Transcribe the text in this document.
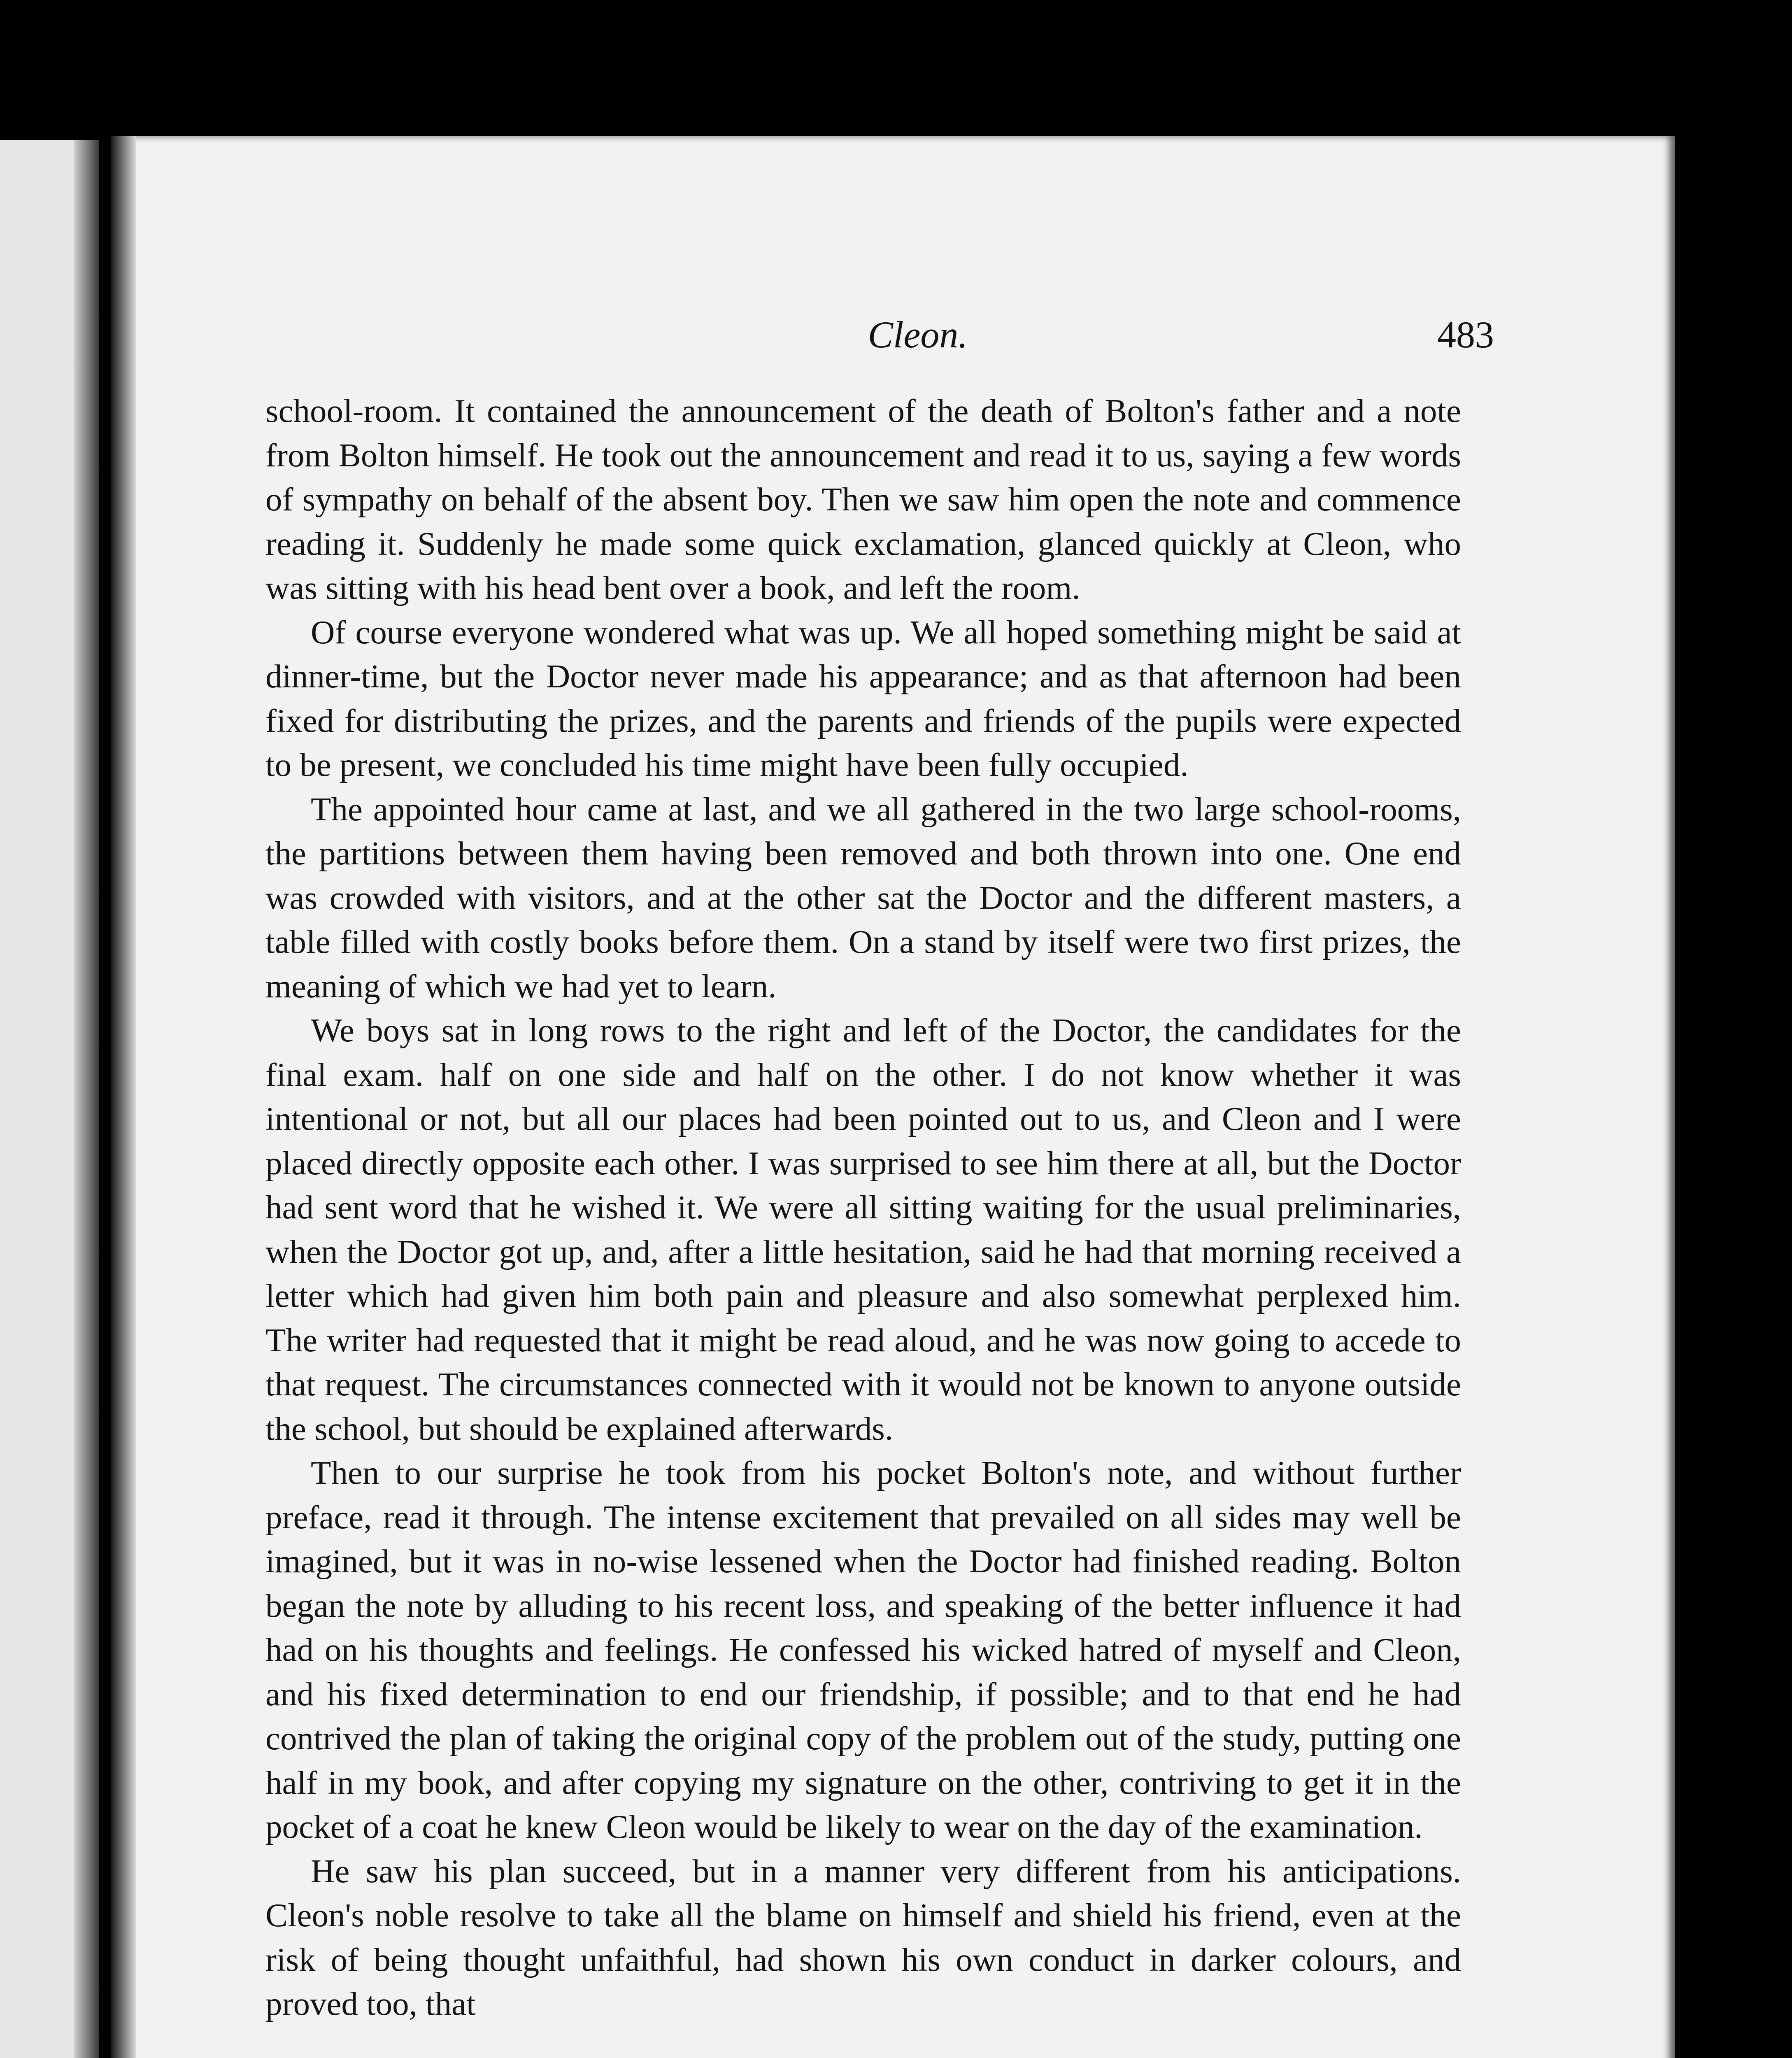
Cleon.	483

school-room. It contained the announcement of the death of Bolton's father and a note from Bolton himself. He took out the announcement and read it to us, saying a few words of sympathy on behalf of the absent boy. Then we saw him open the note and commence reading it. Suddenly he made some quick exclamation, glanced quickly at Cleon, who was sitting with his head bent over a book, and left the room.

Of course everyone wondered what was up. We all hoped something might be said at dinner-time, but the Doctor never made his appearance; and as that afternoon had been fixed for distributing the prizes, and the parents and friends of the pupils were expected to be present, we concluded his time might have been fully occupied.

The appointed hour came at last, and we all gathered in the two large school-rooms, the partitions between them having been removed and both thrown into one. One end was crowded with visitors, and at the other sat the Doctor and the different masters, a table filled with costly books before them. On a stand by itself were two first prizes, the meaning of which we had yet to learn.

We boys sat in long rows to the right and left of the Doctor, the candidates for the final exam. half on one side and half on the other. I do not know whether it was intentional or not, but all our places had been pointed out to us, and Cleon and I were placed directly opposite each other. I was surprised to see him there at all, but the Doctor had sent word that he wished it. We were all sitting waiting for the usual preliminaries, when the Doctor got up, and, after a little hesitation, said he had that morning received a letter which had given him both pain and pleasure and also somewhat perplexed him. The writer had requested that it might be read aloud, and he was now going to accede to that request. The circumstances connected with it would not be known to anyone outside the school, but should be explained afterwards.

Then to our surprise he took from his pocket Bolton's note, and without further preface, read it through. The intense excitement that prevailed on all sides may well be imagined, but it was in no-wise lessened when the Doctor had finished reading. Bolton began the note by alluding to his recent loss, and speaking of the better influence it had had on his thoughts and feelings. He confessed his wicked hatred of myself and Cleon, and his fixed determination to end our friendship, if possible; and to that end he had contrived the plan of taking the original copy of the problem out of the study, putting one half in my book, and after copying my signature on the other, contriving to get it in the pocket of a coat he knew Cleon would be likely to wear on the day of the examination.

He saw his plan succeed, but in a manner very different from his anticipations. Cleon's noble resolve to take all the blame on himself and shield his friend, even at the risk of being thought unfaithful, had shown his own conduct in darker colours, and proved too, that
